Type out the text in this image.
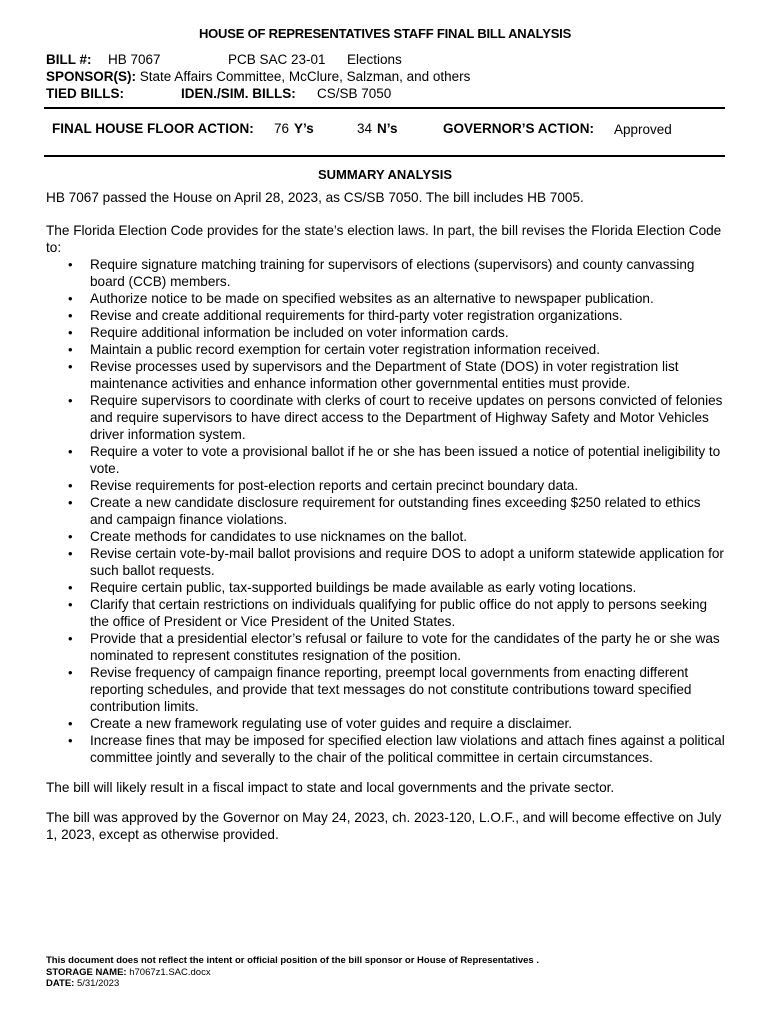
HOUSE OF REPRESENTATIVES STAFF FINAL BILL ANALYSIS
BILL #: HB 7067	PCB SAC 23-01 Elections
SPONSOR(S): State Affairs Committee, McClure, Salzman, and others
TIED BILLS:	IDEN./SIM. BILLS: CS/SB 7050
FINAL HOUSE FLOOR ACTION: 76 Y’s	34 N’s	GOVERNOR’S ACTION: Approved
SUMMARY ANALYSIS
HB 7067 passed the House on April 28, 2023, as CS/SB 7050. The bill includes HB 7005.
The Florida Election Code provides for the state’s election laws. In part, the bill revises the Florida Election Code to:
• Require signature matching training for supervisors of elections (supervisors) and county canvassing board (CCB) members.
• Authorize notice to be made on specified websites as an alternative to newspaper publication.
• Revise and create additional requirements for third-party voter registration organizations.
• Require additional information be included on voter information cards.
• Maintain a public record exemption for certain voter registration information received.
• Revise processes used by supervisors and the Department of State (DOS) in voter registration list maintenance activities and enhance information other governmental entities must provide.
• Require supervisors to coordinate with clerks of court to receive updates on persons convicted of felonies and require supervisors to have direct access to the Department of Highway Safety and Motor Vehicles driver information system.
• Require a voter to vote a provisional ballot if he or she has been issued a notice of potential ineligibility to vote.
• Revise requirements for post-election reports and certain precinct boundary data.
• Create a new candidate disclosure requirement for outstanding fines exceeding $250 related to ethics and campaign finance violations.
• Create methods for candidates to use nicknames on the ballot.
• Revise certain vote-by-mail ballot provisions and require DOS to adopt a uniform statewide application for such ballot requests.
• Require certain public, tax-supported buildings be made available as early voting locations.
• Clarify that certain restrictions on individuals qualifying for public office do not apply to persons seeking the office of President or Vice President of the United States.
• Provide that a presidential elector’s refusal or failure to vote for the candidates of the party he or she was nominated to represent constitutes resignation of the position.
• Revise frequency of campaign finance reporting, preempt local governments from enacting different reporting schedules, and provide that text messages do not constitute contributions toward specified contribution limits.
• Create a new framework regulating use of voter guides and require a disclaimer.
• Increase fines that may be imposed for specified election law violations and attach fines against a political committee jointly and severally to the chair of the political committee in certain circumstances.
The bill will likely result in a fiscal impact to state and local governments and the private sector.
The bill was approved by the Governor on May 24, 2023, ch. 2023-120, L.O.F., and will become effective on July 1, 2023, except as otherwise provided.
This document does not reflect the intent or official position of the bill sponsor or House of Representatives .
STORAGE NAME: h7067z1.SAC.docx
DATE: 5/31/2023
